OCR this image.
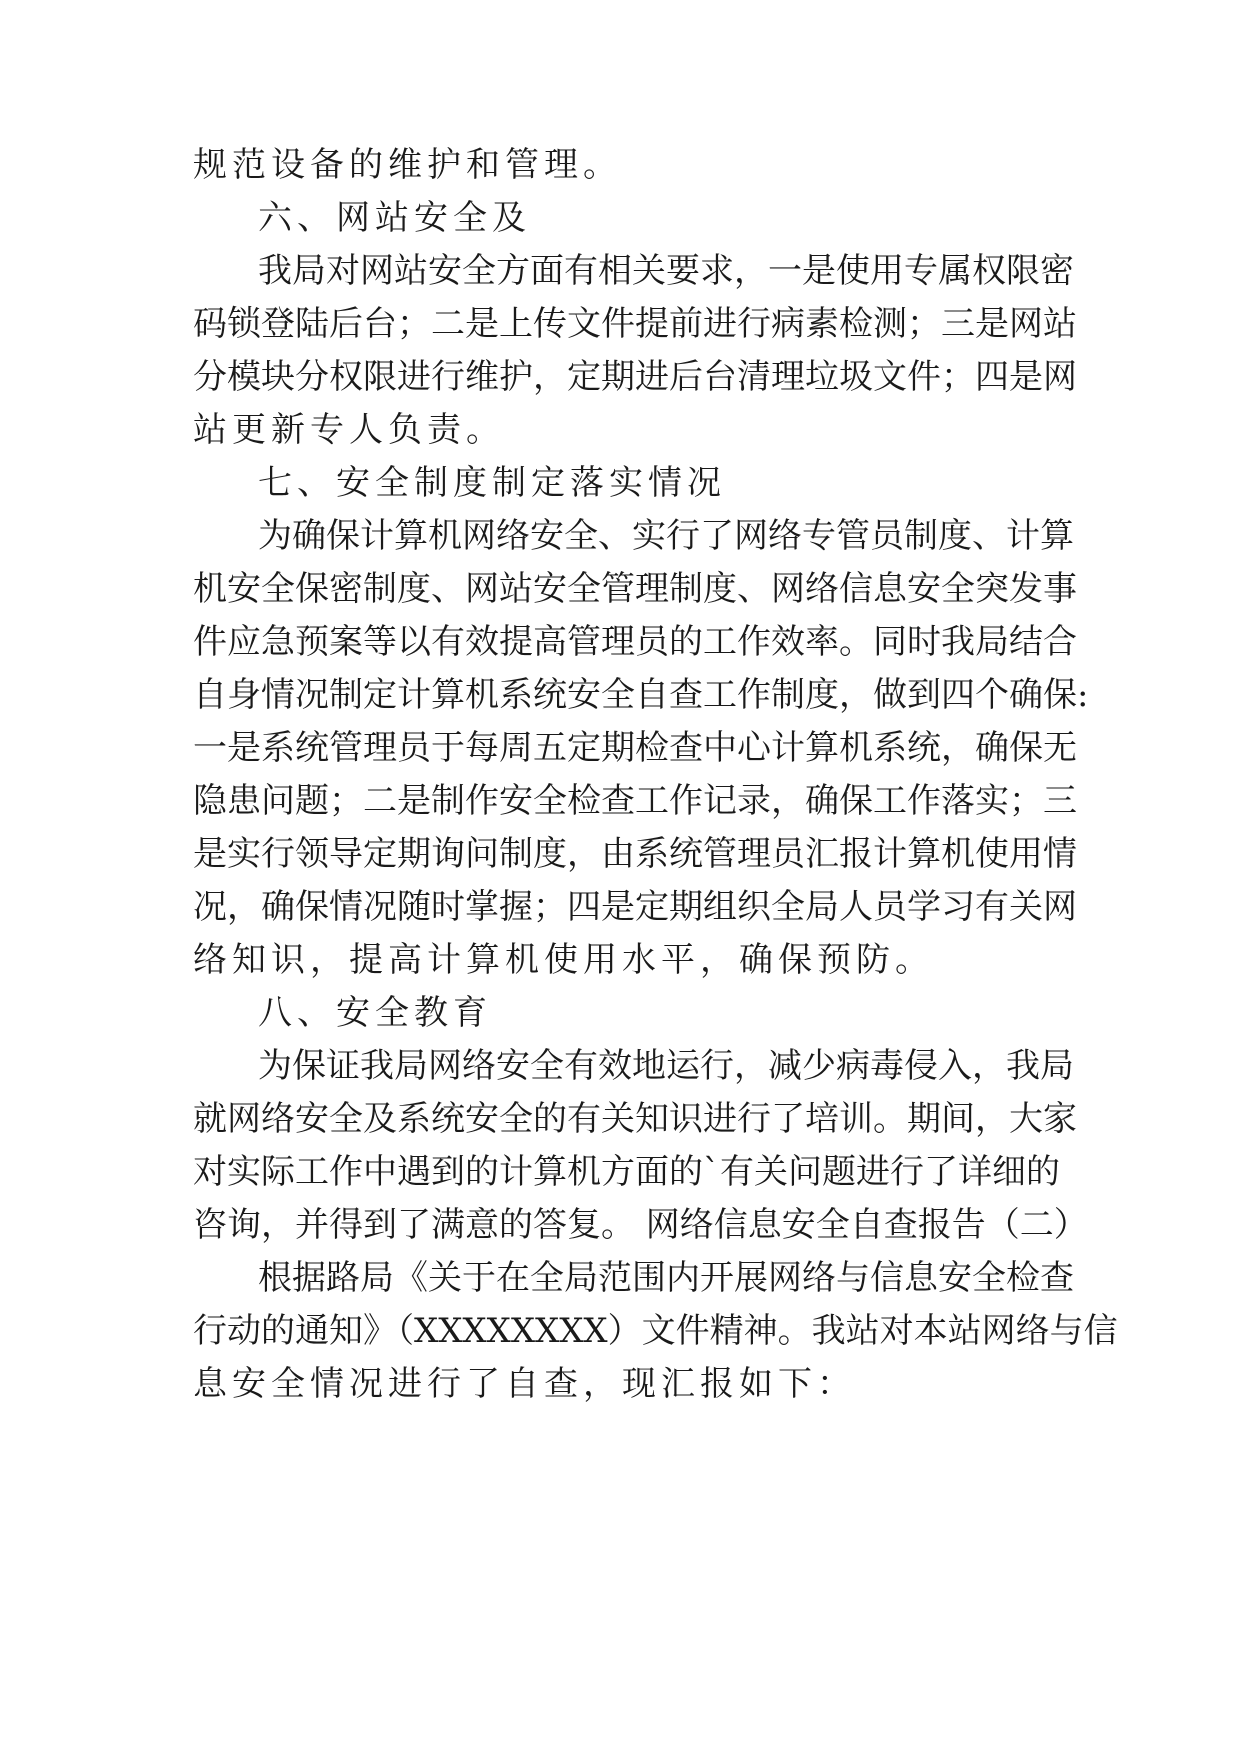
规范设备的维护和管理。
六、网站安全及
我局对网站安全方面有相关要求，一是使用专属权限密
码锁登陆后台；二是上传文件提前进行病素检测；三是网站
分模块分权限进行维护，定期进后台清理垃圾文件；四是网
站更新专人负责。
七、安全制度制定落实情况
为确保计算机网络安全、实行了网络专管员制度、计算
机安全保密制度、网站安全管理制度、网络信息安全突发事
件应急预案等以有效提高管理员的工作效率。同时我局结合
自身情况制定计算机系统安全自查工作制度，做到四个确保:
一是系统管理员于每周五定期检查中心计算机系统，确保无
隐患问题；二是制作安全检查工作记录，确保工作落实；三
是实行领导定期询问制度，由系统管理员汇报计算机使用情
况，确保情况随时掌握；四是定期组织全局人员学习有关网
络知识，提高计算机使用水平，确保预防。
八、安全教育
为保证我局网络安全有效地运行，减少病毒侵入，我局
就网络安全及系统安全的有关知识进行了培训。期间，大家
对实际工作中遇到的计算机方面的`有关问题进行了详细的
咨询，并得到了满意的答复。 网络信息安全自查报告（二）
根据路局《关于在全局范围内开展网络与信息安全检查
行动的通知》（XXXXXXXX）文件精神。我站对本站网络与信
息安全情况进行了自查，现汇报如下：
